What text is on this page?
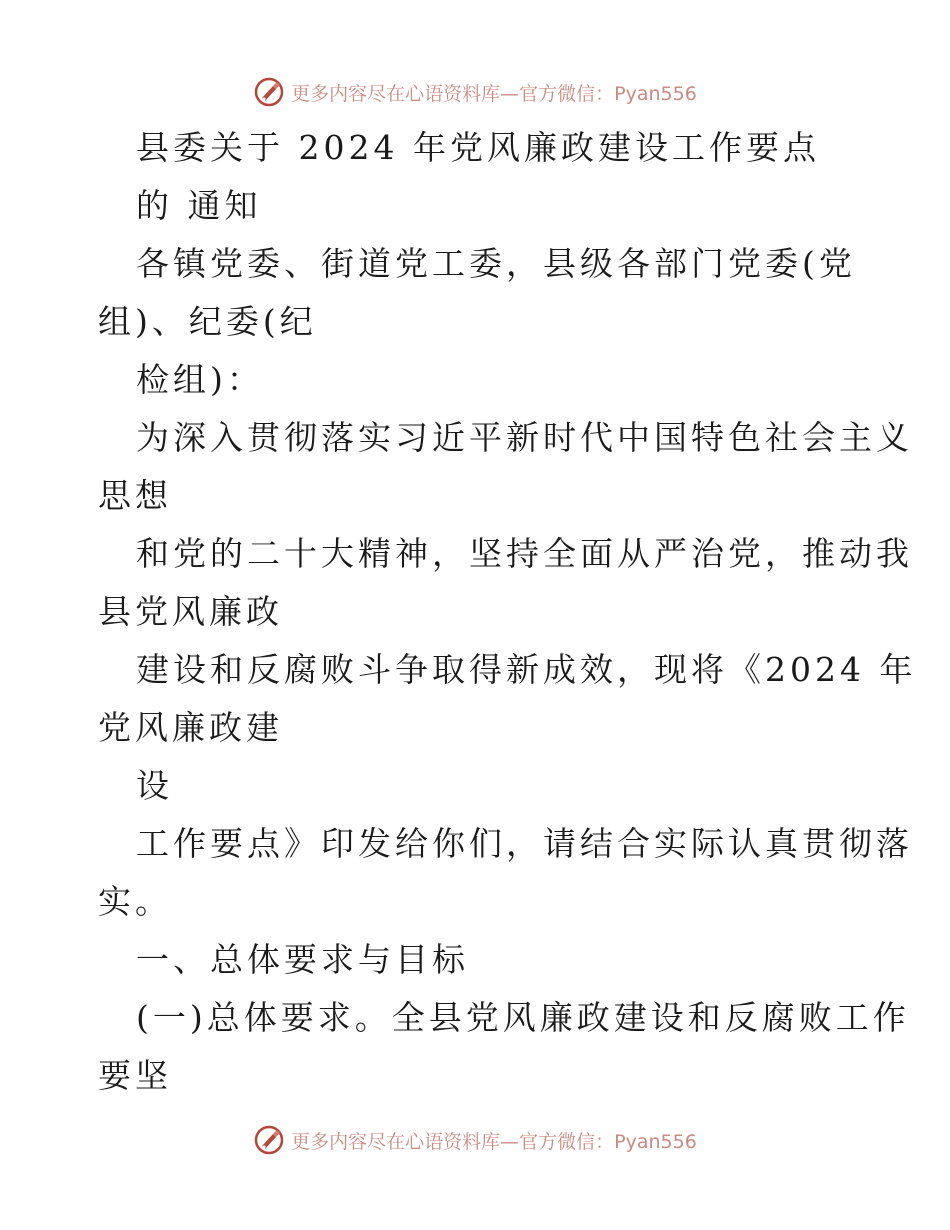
更多内容尽在心语资料库—官方微信：Pyan556
县委关于 2024 年党风廉政建设工作要点
的 通知
各镇党委、街道党工委，县级各部门党委(党
组)、纪委(纪
检组)：
为深入贯彻落实习近平新时代中国特色社会主义
思想
和党的二十大精神，坚持全面从严治党，推动我
县党风廉政
建设和反腐败斗争取得新成效，现将《2024 年
党风廉政建
设
工作要点》印发给你们，请结合实际认真贯彻落
实。
一、总体要求与目标
(一)总体要求。全县党风廉政建设和反腐败工作
要坚
更多内容尽在心语资料库—官方微信：Pyan556
